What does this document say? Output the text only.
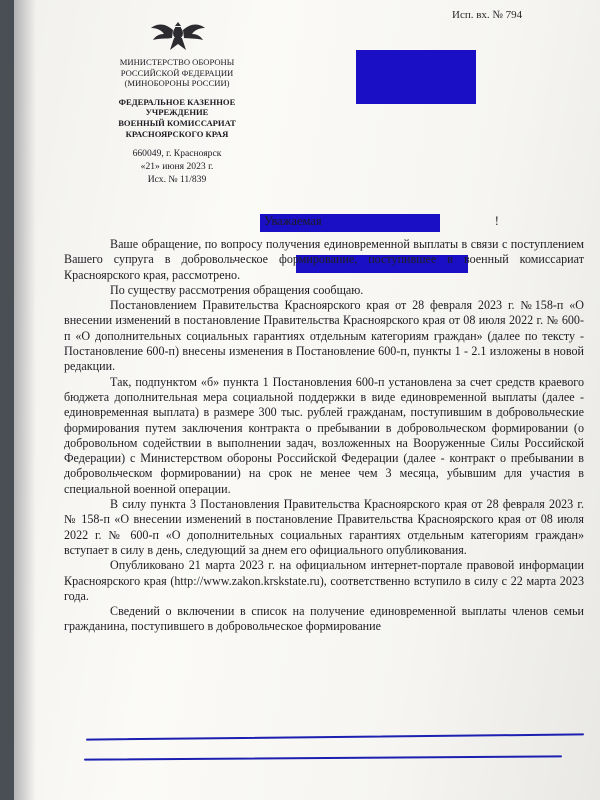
Исп. вх. № 794
МИНИСТЕРСТВО ОБОРОНЫ
РОССИЙСКОЙ ФЕДЕРАЦИИ
(МИНОБОРОНЫ РОССИИ)
ФЕДЕРАЛЬНОЕ КАЗЕННОЕ
УЧРЕЖДЕНИЕ
ВОЕННЫЙ КОМИССАРИАТ
КРАСНОЯРСКОГО КРАЯ
660049, г. Красноярск
«21» июня 2023 г.
Исх. № 11/839
Уважаемая	!

Ваше обращение, по вопросу получения единовременной выплаты в связи с поступлением Вашего супруга в добровольческое формирование, поступившее в военный комиссариат Красноярского края, рассмотрено.

По существу рассмотрения обращения сообщаю.

Постановлением Правительства Красноярского края от 28 февраля 2023 г. №158-п «О внесении изменений в постановление Правительства Красноярского края от 08 июля 2022 г. № 600-п «О дополнительных социальных гарантиях отдельным категориям граждан» (далее по тексту - Постановление 600-п) внесены изменения в Постановление 600-п, пункты 1 - 2.1 изложены в новой редакции.

Так, подпунктом «б» пункта 1 Постановления 600-п установлена за счет средств краевого бюджета дополнительная мера социальной поддержки в виде единовременной выплаты (далее - единовременная выплата) в размере 300 тыс. рублей гражданам, поступившим в добровольческие формирования путем заключения контракта о пребывании в добровольческом формировании (о добровольном содействии в выполнении задач, возложенных на Вооруженные Силы Российской Федерации) с Министерством обороны Российской Федерации (далее - контракт о пребывании в добровольческом формировании) на срок не менее чем 3 месяца, убывшим для участия в специальной военной операции.

В силу пункта 3 Постановления Правительства Красноярского края от 28 февраля 2023 г. № 158-п «О внесении изменений в постановление Правительства Красноярского края от 08 июля 2022 г. № 600-п «О дополнительных социальных гарантиях отдельным категориям граждан» вступает в силу в день, следующий за днем его официального опубликования.

Опубликовано 21 марта 2023 г. на официальном интернет-портале правовой информации Красноярского края (http://www.zakon.krskstate.ru), соответственно вступило в силу с 22 марта 2023 года.

Сведений о включении в список на получение единовременной выплаты членов семьи гражданина, поступившего в добровольческое формирование
